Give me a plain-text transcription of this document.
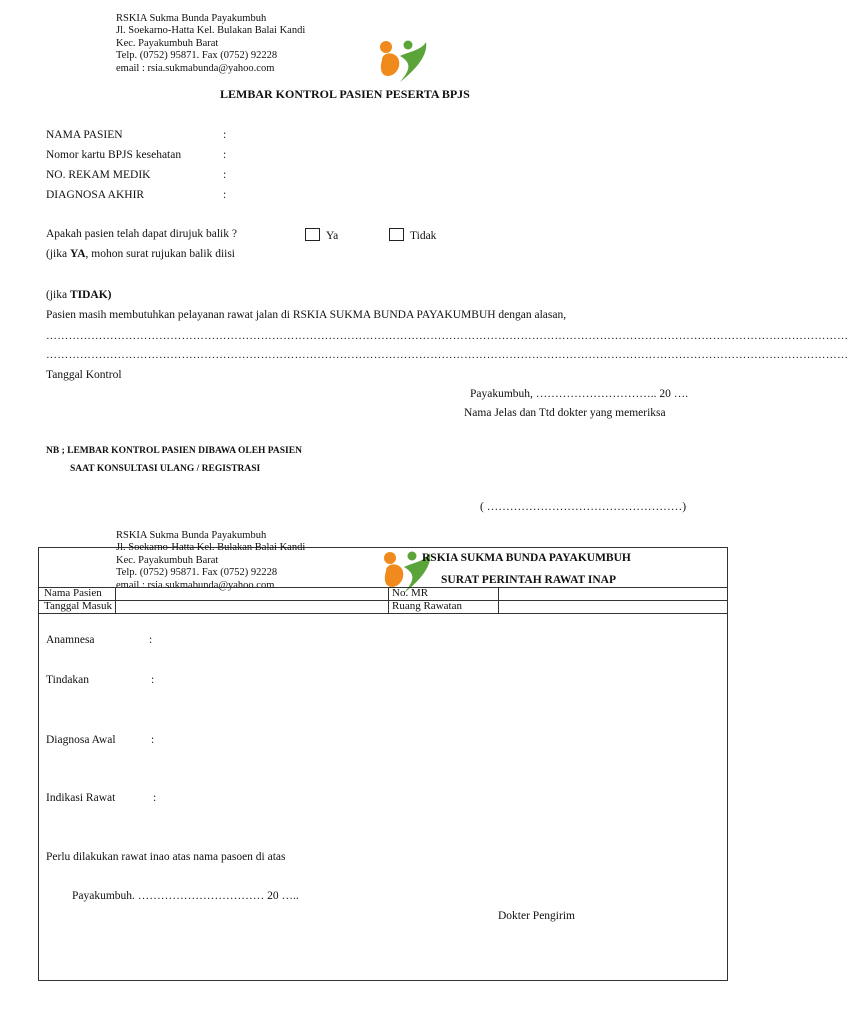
RSKIA Sukma Bunda Payakumbuh
Jl. Soekarno-Hatta Kel. Bulakan Balai Kandi
Kec. Payakumbuh Barat
Telp. (0752) 95871. Fax (0752) 92228
email : rsia.sukmabunda@yahoo.com
LEMBAR KONTROL PASIEN PESERTA BPJS
NAMA PASIEN	:
Nomor kartu BPJS kesehatan	:
NO. REKAM MEDIK	:
DIAGNOSA AKHIR	:
Apakah pasien telah dapat dirujuk balik ?	Ya	Tidak
(jika YA, mohon surat rujukan balik diisi
(jika TIDAK)
Pasien masih membutuhkan pelayanan rawat jalan di RSKIA SUKMA BUNDA PAYAKUMBUH dengan alasan,
……………………………………………………………………………………………………………………………………………………………………………………………
……………………………………………………………………………………………………………………………………………………………………………………………
Tanggal Kontrol
Payakumbuh, ………………………….. 20 ….
Nama Jelas dan Ttd dokter yang memeriksa
NB ; LEMBAR KONTROL PASIEN DIBAWA OLEH PASIEN
SAAT KONSULTASI ULANG / REGISTRASI
( ……………………………………………)
RSKIA Sukma Bunda Payakumbuh
Jl. Soekarno-Hatta Kel. Bulakan Balai Kandi
Kec. Payakumbuh Barat
Telp. (0752) 95871. Fax (0752) 92228
email : rsia.sukmabunda@yahoo.com
RSKIA SUKMA BUNDA PAYAKUMBUH
SURAT PERINTAH RAWAT INAP
Nama Pasien	No. MR
Tanggal Masuk	Ruang Rawatan
Anamnesa	:
Tindakan	:
Diagnosa Awal	:
Indikasi Rawat	:
Perlu dilakukan rawat inao atas nama pasoen di atas
Payakumbuh. …………………………… 20 …..
Dokter Pengirim
